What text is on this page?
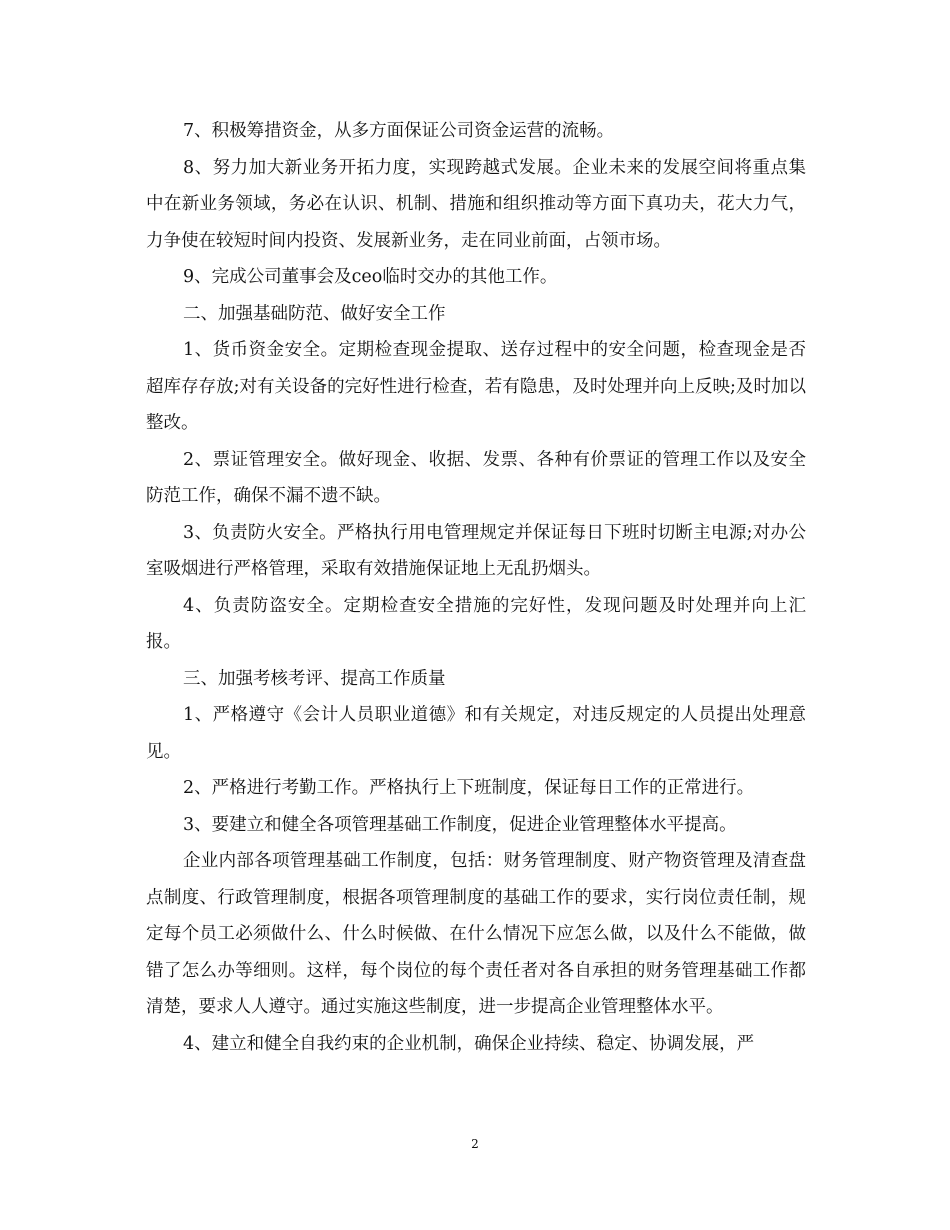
7、积极筹措资金，从多方面保证公司资金运营的流畅。

8、努力加大新业务开拓力度，实现跨越式发展。企业未来的发展空间将重点集中在新业务领域，务必在认识、机制、措施和组织推动等方面下真功夫，花大力气，力争使在较短时间内投资、发展新业务，走在同业前面，占领市场。

9、完成公司董事会及ceo临时交办的其他工作。

二、加强基础防范、做好安全工作

1、货币资金安全。定期检查现金提取、送存过程中的安全问题，检查现金是否超库存存放;对有关设备的完好性进行检查，若有隐患，及时处理并向上反映;及时加以整改。

2、票证管理安全。做好现金、收据、发票、各种有价票证的管理工作以及安全防范工作，确保不漏不遗不缺。

3、负责防火安全。严格执行用电管理规定并保证每日下班时切断主电源;对办公室吸烟进行严格管理，采取有效措施保证地上无乱扔烟头。

4、负责防盗安全。定期检查安全措施的完好性，发现问题及时处理并向上汇报。

三、加强考核考评、提高工作质量

1、严格遵守《会计人员职业道德》和有关规定，对违反规定的人员提出处理意见。

2、严格进行考勤工作。严格执行上下班制度，保证每日工作的正常进行。

3、要建立和健全各项管理基础工作制度，促进企业管理整体水平提高。

企业内部各项管理基础工作制度，包括：财务管理制度、财产物资管理及清查盘点制度、行政管理制度，根据各项管理制度的基础工作的要求，实行岗位责任制，规定每个员工必须做什么、什么时候做、在什么情况下应怎么做，以及什么不能做，做错了怎么办等细则。这样，每个岗位的每个责任者对各自承担的财务管理基础工作都清楚，要求人人遵守。通过实施这些制度，进一步提高企业管理整体水平。

4、建立和健全自我约束的企业机制，确保企业持续、稳定、协调发展，严

2
